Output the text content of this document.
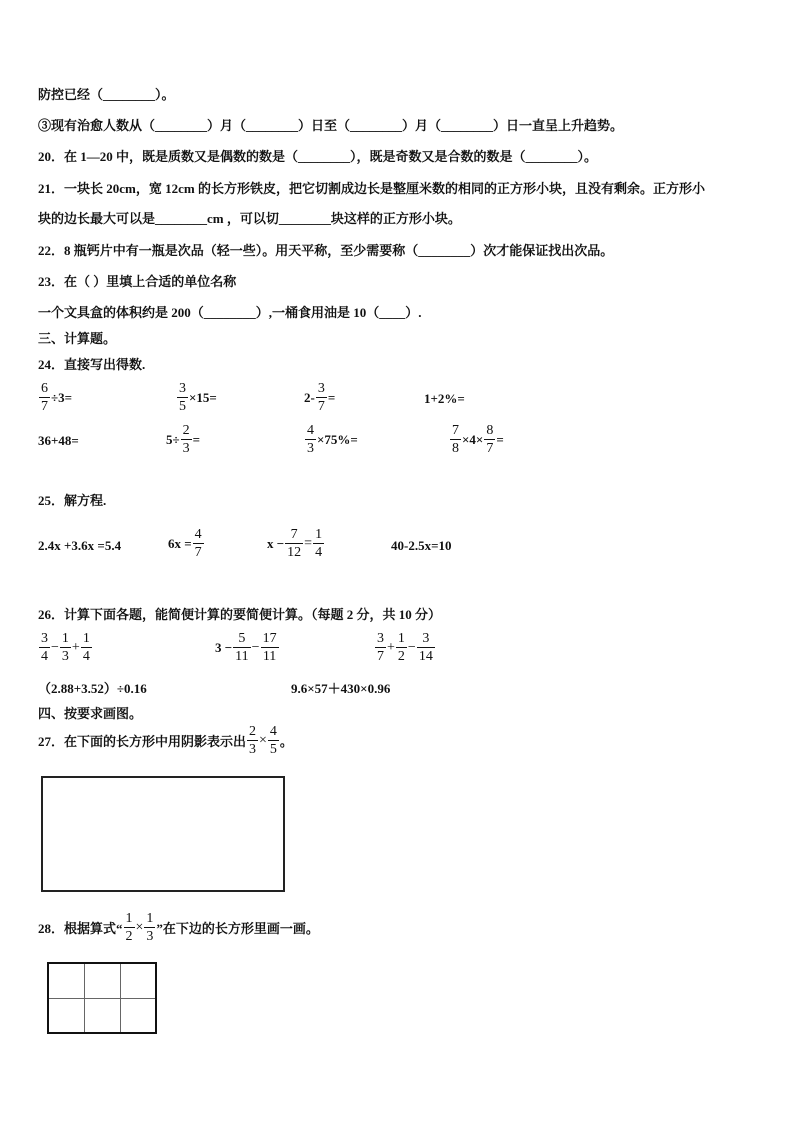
防控已经（________）。
③现有治愈人数从（________）月（________）日至（________）月（________）日一直呈上升趋势。
20．在 1—20 中，既是质数又是偶数的数是（________），既是奇数又是合数的数是（________）。
21．一块长 20cm，宽 12cm 的长方形铁皮，把它切割成边长是整厘米数的相同的正方形小块，且没有剩余。正方形小
块的边长最大可以是________cm ，可以切________块这样的正方形小块。
22．8 瓶钙片中有一瓶是次品（轻一些）。用天平称，至少需要称（________）次才能保证找出次品。
23．在（ ）里填上合适的单位名称
一个文具盒的体积约是 200（________）,一桶食用油是 10（____）.
三、计算题。
24．直接写出得数.
$\frac{6}{7} \div 3=$	$\frac{3}{5} \times 15=$	$2- \frac{3}{7}$ =	1+2%=
36+48=	$5\div \frac{2}{3}$ =	$\frac{4}{3} \times 75\%=$	$\frac{7}{8} \times 4\times \frac{8}{7}$ =
25．解方程.
2.4x +3.6x =5.4	$6x = \frac{4}{7}$	$x - \frac{7}{12} = \frac{1}{4}$	40-2.5x=10
26．计算下面各题，能简便计算的要简便计算。（每题 2 分，共 10 分）
$\frac{3}{4} - \frac{1}{3} + \frac{1}{4}$	$3 - \frac{5}{11} - \frac{17}{11}$	$\frac{3}{7} + \frac{1}{2} - \frac{3}{14}$
（2.88+3.52）÷0.16	9.6×57＋430×0.96
四、按要求画图。
27．在下面的长方形中用阴影表示出 $\frac{2}{3} \times \frac{4}{5}$ 。
28．根据算式“ $\frac{1}{2} \times \frac{1}{3}$ ”在下边的长方形里画一画。
